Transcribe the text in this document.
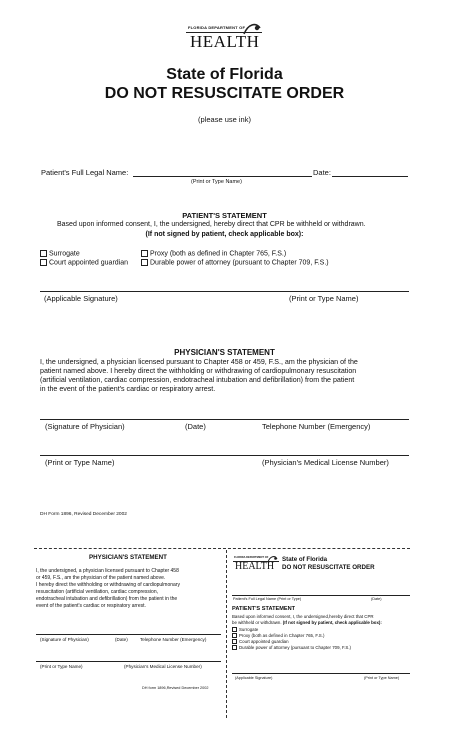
FLORIDA DEPARTMENT OF
HEALTH
State of Florida
DO NOT RESUSCITATE ORDER
(please use ink)
Patient's Full Legal Name:	Date:
(Print or Type Name)
PATIENT'S STATEMENT
Based upon informed consent, I, the undersigned, hereby direct that CPR be withheld or withdrawn.
(If not signed by patient, check applicable box):
Surrogate
Court appointed guardian
Proxy (both as defined in Chapter 765, F.S.)
Durable power of attorney (pursuant to Chapter 709, F.S.)
(Applicable Signature)	(Print or Type Name)
PHYSICIAN'S STATEMENT
I, the undersigned, a physician licensed pursuant to Chapter 458 or 459, F.S., am the physician of the
patient named above. I hereby direct the withholding or withdrawing of cardiopulmonary resuscitation
(artificial ventilation, cardiac compression, endotracheal intubation and defibrillation) from the patient
in the event of the patient's cardiac or respiratory arrest.
(Signature of Physician)	(Date)	Telephone Number (Emergency)
(Print or Type Name)	(Physician's Medical License Number)
DH Form 1896, Revised December 2002
PHYSICIAN'S STATEMENT
I, the undersigned, a physician licensed pursuant to Chapter 458
or 459, F.S., am the physician of the patient named above.
I hereby direct the withholding or withdrawing of cardiopulmonary
resuscitation (artificial ventilation, cardiac compression,
endotracheal intubation and defibrillation) from the patient in the
event of the patient's cardiac or respiratory arrest.
(Signature of Physician)	(Date)	Telephone Number (Emergency)
(Print or Type Name)	(Physician's Medical License Number)
DH form 1896,Revised December 2002
FLORIDA DEPARTMENT OF
HEALTH
State of Florida
DO NOT RESUSCITATE ORDER
Patient's Full Legal Name (Print or Type)	(Date)
PATIENT'S STATEMENT
Based upon informed consent, I, the undersigned,hereby direct that CPR
be withheld or withdrawn. (If not signed by patient, check applicable box):
Surrogate
Proxy (both as defined in Chapter 765, F.S.)
Court appointed guardian
Durable power of attorney (pursuant to Chapter 709, F.S.)
(Applicable Signature)	(Print or Type Name)
